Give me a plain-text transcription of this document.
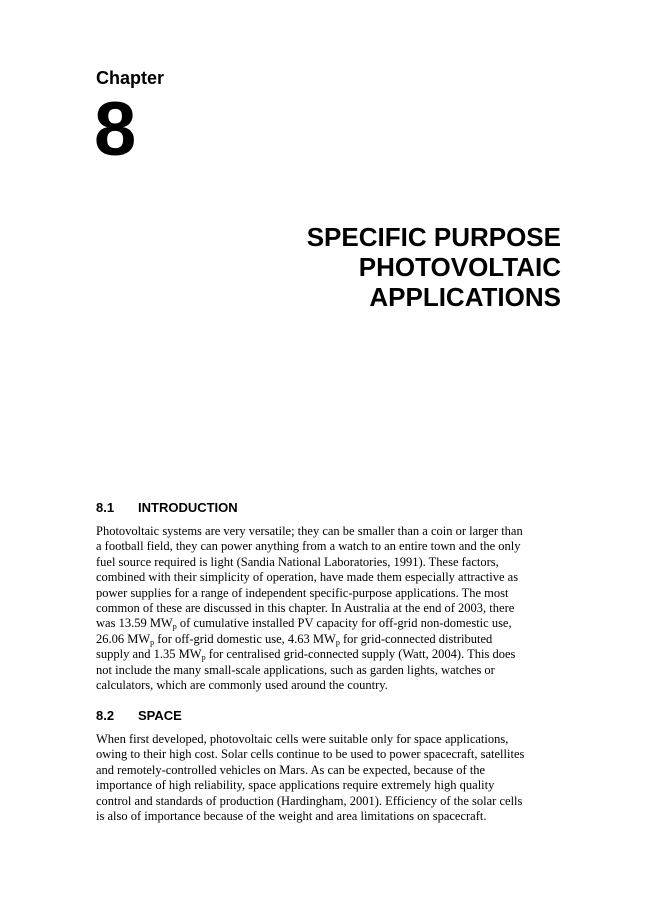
Chapter
8
SPECIFIC PURPOSE
PHOTOVOLTAIC
APPLICATIONS
8.1 INTRODUCTION
Photovoltaic systems are very versatile; they can be smaller than a coin or larger than
a football field, they can power anything from a watch to an entire town and the only
fuel source required is light (Sandia National Laboratories, 1991). These factors,
combined with their simplicity of operation, have made them especially attractive as
power supplies for a range of independent specific-purpose applications. The most
common of these are discussed in this chapter. In Australia at the end of 2003, there
was 13.59 $MW_p$ of cumulative installed PV capacity for off-grid non-domestic use,
26.06 $MW_p$ for off-grid domestic use, 4.63 $MW_p$ for grid-connected distributed
supply and 1.35 $MW_p$ for centralised grid-connected supply (Watt, 2004). This does
not include the many small-scale applications, such as garden lights, watches or
calculators, which are commonly used around the country.
8.2 SPACE
When first developed, photovoltaic cells were suitable only for space applications,
owing to their high cost. Solar cells continue to be used to power spacecraft, satellites
and remotely-controlled vehicles on Mars. As can be expected, because of the
importance of high reliability, space applications require extremely high quality
control and standards of production (Hardingham, 2001). Efficiency of the solar cells
is also of importance because of the weight and area limitations on spacecraft.
